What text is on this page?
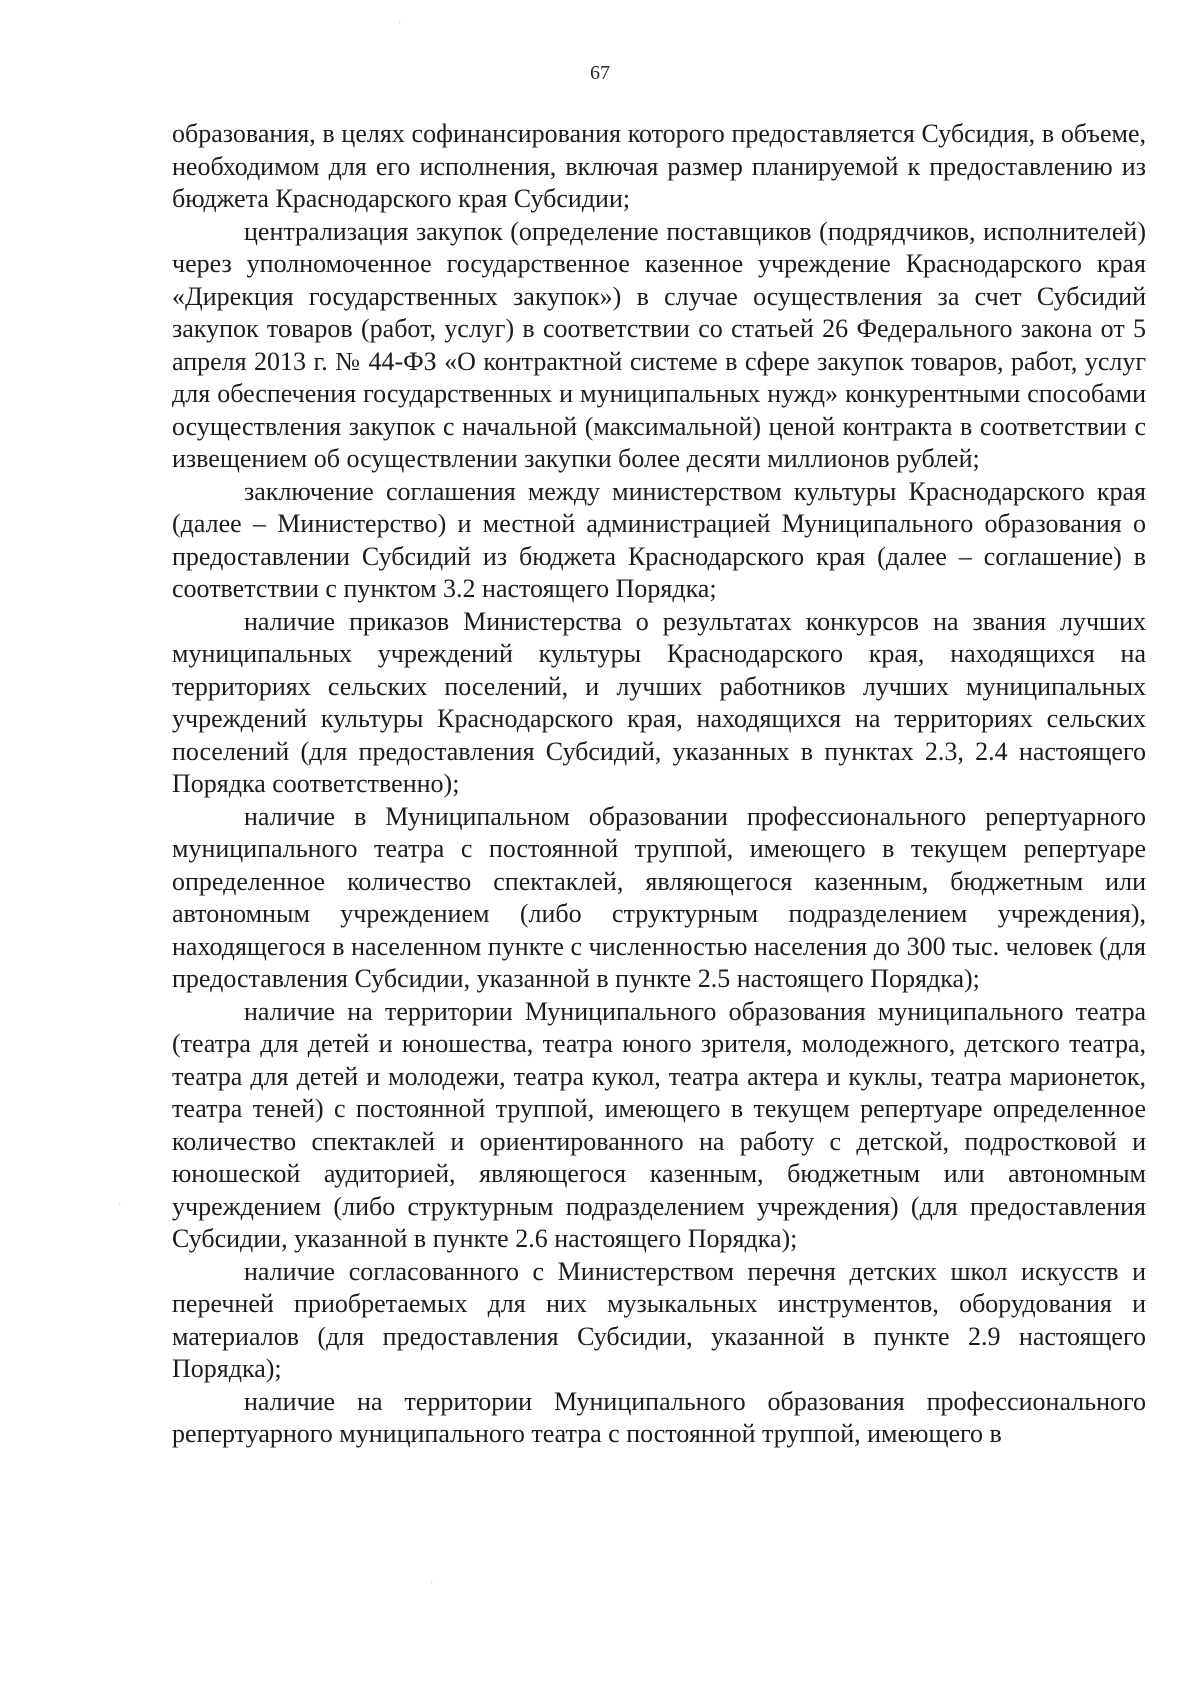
67

образования, в целях софинансирования которого предоставляется Субсидия, в объеме, необходимом для его исполнения, включая размер планируемой к предоставлению из бюджета Краснодарского края Субсидии;

централизация закупок (определение поставщиков (подрядчиков, исполнителей) через уполномоченное государственное казенное учреждение Краснодарского края «Дирекция государственных закупок») в случае осуществления за счет Субсидий закупок товаров (работ, услуг) в соответствии со статьей 26 Федерального закона от 5 апреля 2013 г. № 44-ФЗ «О контрактной системе в сфере закупок товаров, работ, услуг для обеспечения государственных и муниципальных нужд» конкурентными способами осуществления закупок с начальной (максимальной) ценой контракта в соответствии с извещением об осуществлении закупки более десяти миллионов рублей;

заключение соглашения между министерством культуры Краснодарского края (далее – Министерство) и местной администрацией Муниципального образования о предоставлении Субсидий из бюджета Краснодарского края (далее – соглашение) в соответствии с пунктом 3.2 настоящего Порядка;

наличие приказов Министерства о результатах конкурсов на звания лучших муниципальных учреждений культуры Краснодарского края, находящихся на территориях сельских поселений, и лучших работников лучших муниципальных учреждений культуры Краснодарского края, находящихся на территориях сельских поселений (для предоставления Субсидий, указанных в пунктах 2.3, 2.4 настоящего Порядка соответственно);

наличие в Муниципальном образовании профессионального репертуарного муниципального театра с постоянной труппой, имеющего в текущем репертуаре определенное количество спектаклей, являющегося казенным, бюджетным или автономным учреждением (либо структурным подразделением учреждения), находящегося в населенном пункте с численностью населения до 300 тыс. человек (для предоставления Субсидии, указанной в пункте 2.5 настоящего Порядка);

наличие на территории Муниципального образования муниципального театра (театра для детей и юношества, театра юного зрителя, молодежного, детского театра, театра для детей и молодежи, театра кукол, театра актера и куклы, театра марионеток, театра теней) с постоянной труппой, имеющего в текущем репертуаре определенное количество спектаклей и ориентированного на работу с детской, подростковой и юношеской аудиторией, являющегося казенным, бюджетным или автономным учреждением (либо структурным подразделением учреждения) (для предоставления Субсидии, указанной в пункте 2.6 настоящего Порядка);

наличие согласованного с Министерством перечня детских школ искусств и перечней приобретаемых для них музыкальных инструментов, оборудования и материалов (для предоставления Субсидии, указанной в пункте 2.9 настоящего Порядка);

наличие на территории Муниципального образования профессионального репертуарного муниципального театра с постоянной труппой, имеющего в

·
·
·
